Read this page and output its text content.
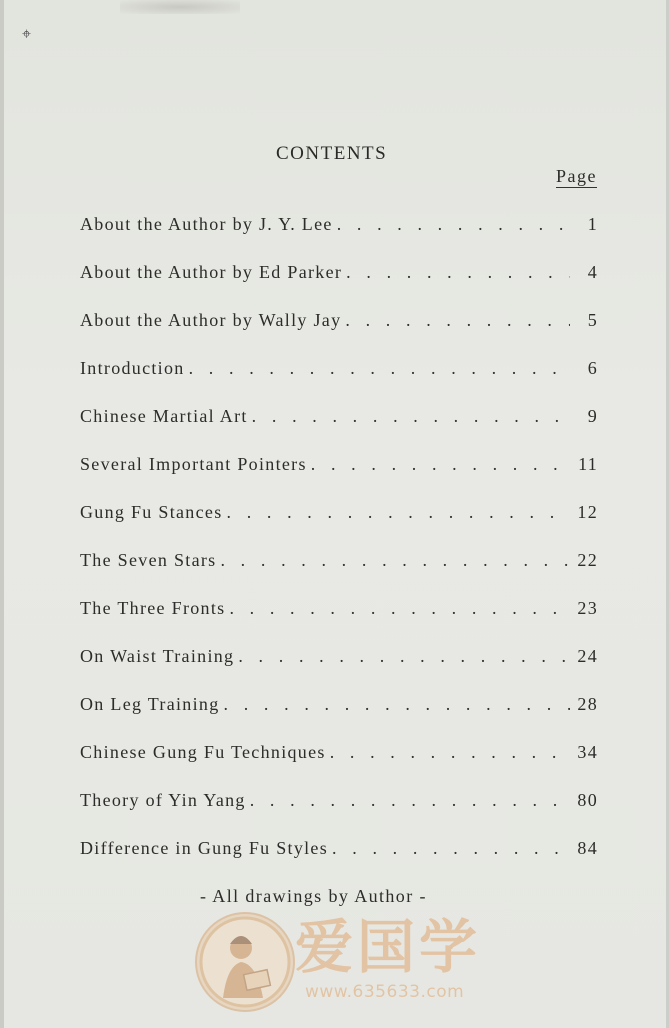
⌖
CONTENTS
Page
About the Author by J. Y. Lee . . .	1
About the Author by Ed Parker . . .	4
About the Author by Wally Jay . . .	5
Introduction . . .	6
Chinese Martial Art . . .	9
Several Important Pointers . . .	11
Gung Fu Stances . . .	12
The Seven Stars . . .	22
The Three Fronts . . .	23
On Waist Training . . .	24
On Leg Training . . .	28
Chinese Gung Fu Techniques . . .	34
Theory of Yin Yang . . .	80
Difference in Gung Fu Styles . . .	84
- All drawings by Author -
爱国学
www.635633.com
